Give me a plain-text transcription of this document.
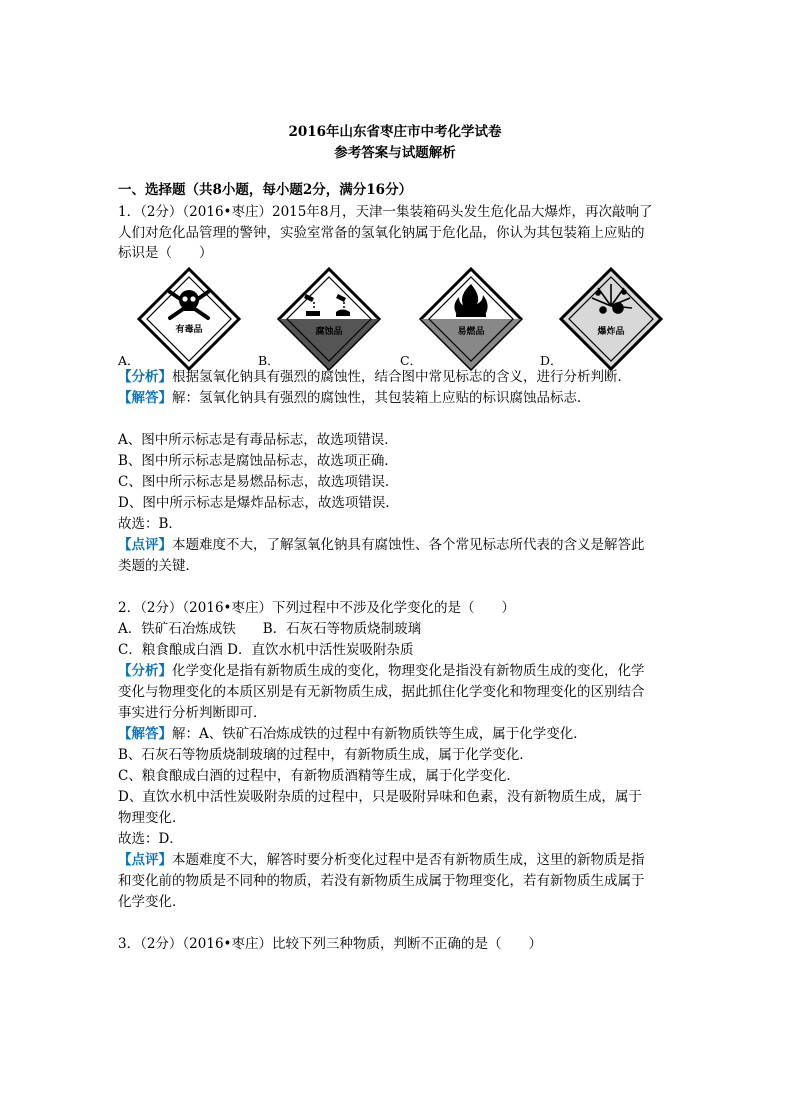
2016年山东省枣庄市中考化学试卷
参考答案与试题解析
一、选择题（共8小题，每小题2分，满分16分）
1．（2分）（2016•枣庄）2015年8月，天津一集装箱码头发生危化品大爆炸，再次敲响了
人们对危化品管理的警钟，实验室常备的氢氧化钠属于危化品，你认为其包装箱上应贴的
标识是（　　）
有毒品
A．
腐蚀品
B．
易燃品
C．
爆炸品
D．
【分析】根据氢氧化钠具有强烈的腐蚀性，结合图中常见标志的含义，进行分析判断．
【解答】解：氢氧化钠具有强烈的腐蚀性，其包装箱上应贴的标识腐蚀品标志．
A、图中所示标志是有毒品标志，故选项错误．
B、图中所示标志是腐蚀品标志，故选项正确．
C、图中所示标志是易燃品标志，故选项错误．
D、图中所示标志是爆炸品标志，故选项错误．
故选：B．
【点评】本题难度不大，了解氢氧化钠具有腐蚀性、各个常见标志所代表的含义是解答此
类题的关键．
2．（2分）（2016•枣庄）下列过程中不涉及化学变化的是（　　）
A．铁矿石冶炼成铁　　B．石灰石等物质烧制玻璃
C．粮食酿成白酒 D．直饮水机中活性炭吸附杂质
【分析】化学变化是指有新物质生成的变化，物理变化是指没有新物质生成的变化，化学
变化与物理变化的本质区别是有无新物质生成，据此抓住化学变化和物理变化的区别结合
事实进行分析判断即可．
【解答】解：A、铁矿石冶炼成铁的过程中有新物质铁等生成，属于化学变化．
B、石灰石等物质烧制玻璃的过程中，有新物质生成，属于化学变化．
C、粮食酿成白酒的过程中，有新物质酒精等生成，属于化学变化．
D、直饮水机中活性炭吸附杂质的过程中，只是吸附异味和色素，没有新物质生成，属于
物理变化．
故选：D．
【点评】本题难度不大，解答时要分析变化过程中是否有新物质生成，这里的新物质是指
和变化前的物质是不同种的物质，若没有新物质生成属于物理变化，若有新物质生成属于
化学变化．
3．（2分）（2016•枣庄）比较下列三种物质，判断不正确的是（　　）
